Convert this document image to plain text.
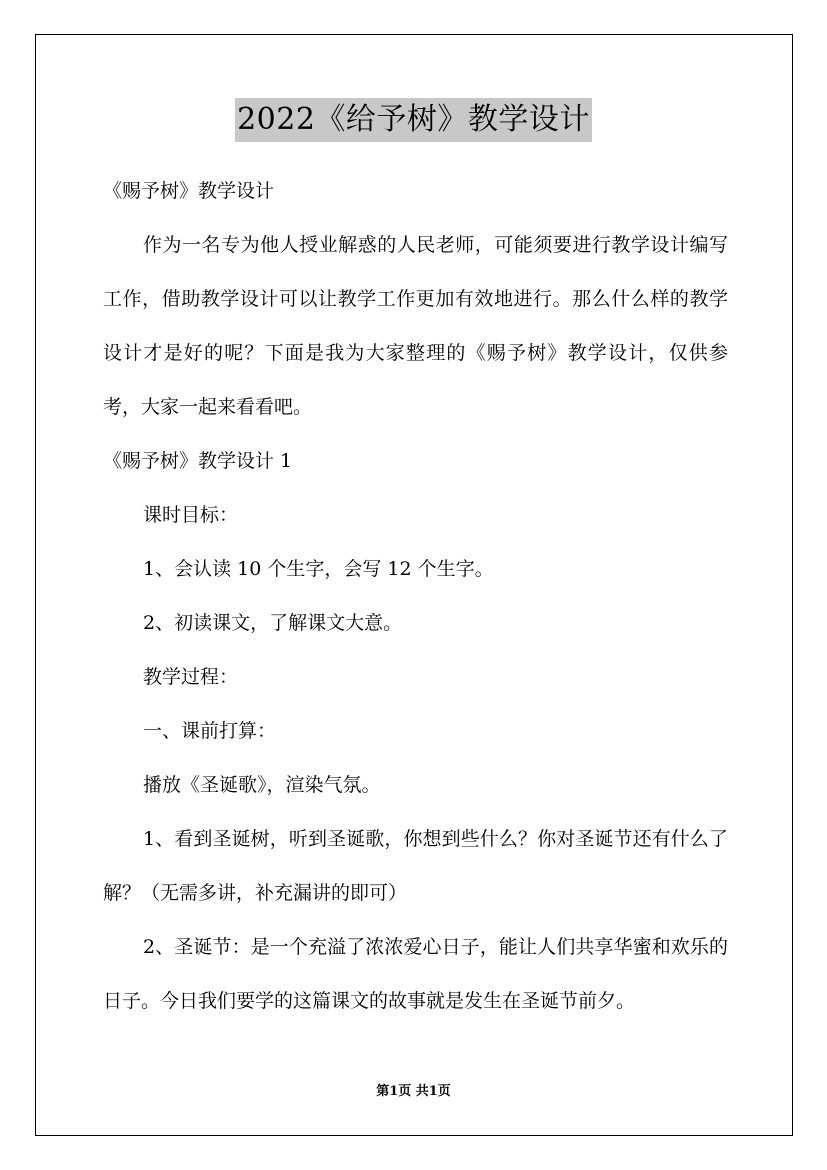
2022《给予树》教学设计

《赐予树》教学设计

作为一名专为他人授业解惑的人民老师，可能须要进行教学设计编写工作，借助教学设计可以让教学工作更加有效地进行。那么什么样的教学设计才是好的呢？下面是我为大家整理的《赐予树》教学设计，仅供参考，大家一起来看看吧。

《赐予树》教学设计 1

课时目标：

1、会认读 10 个生字，会写 12 个生字。

2、初读课文，了解课文大意。

教学过程：

一、课前打算：

播放《圣诞歌》，渲染气氛。

1、看到圣诞树，听到圣诞歌，你想到些什么？你对圣诞节还有什么了解？（无需多讲，补充漏讲的即可）

2、圣诞节：是一个充溢了浓浓爱心日子，能让人们共享华蜜和欢乐的日子。今日我们要学的这篇课文的故事就是发生在圣诞节前夕。

第1页 共1页
